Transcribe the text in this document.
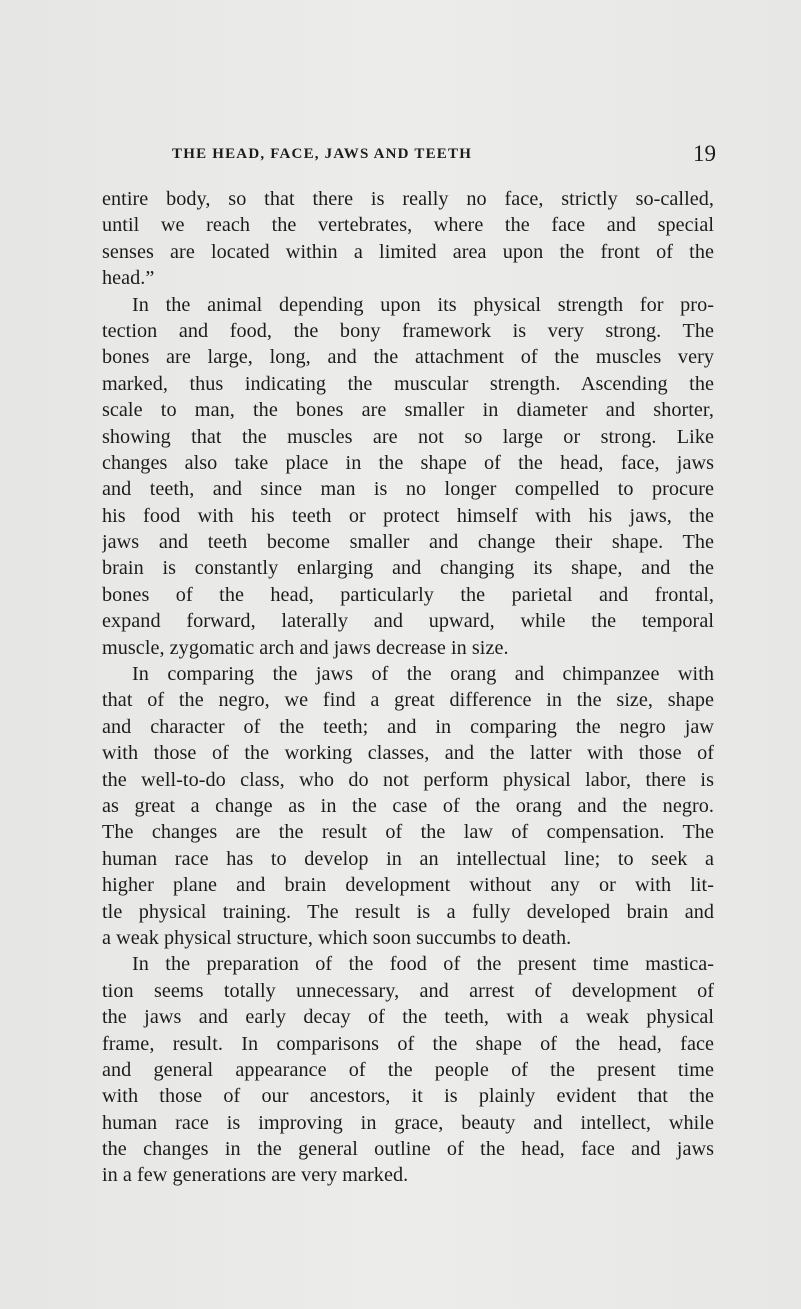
THE HEAD, FACE, JAWS AND TEETH	19
entire body, so that there is really no face, strictly so-called,
until we reach the vertebrates, where the face and special
senses are located within a limited area upon the front of the
head.”
In the animal depending upon its physical strength for pro-
tection and food, the bony framework is very strong. The
bones are large, long, and the attachment of the muscles very
marked, thus indicating the muscular strength. Ascending the
scale to man, the bones are smaller in diameter and shorter,
showing that the muscles are not so large or strong. Like
changes also take place in the shape of the head, face, jaws
and teeth, and since man is no longer compelled to procure
his food with his teeth or protect himself with his jaws, the
jaws and teeth become smaller and change their shape. The
brain is constantly enlarging and changing its shape, and the
bones of the head, particularly the parietal and frontal,
expand forward, laterally and upward, while the temporal
muscle, zygomatic arch and jaws decrease in size.
In comparing the jaws of the orang and chimpanzee with
that of the negro, we find a great difference in the size, shape
and character of the teeth; and in comparing the negro jaw
with those of the working classes, and the latter with those of
the well-to-do class, who do not perform physical labor, there is
as great a change as in the case of the orang and the negro.
The changes are the result of the law of compensation. The
human race has to develop in an intellectual line; to seek a
higher plane and brain development without any or with lit-
tle physical training. The result is a fully developed brain and
a weak physical structure, which soon succumbs to death.
In the preparation of the food of the present time mastica-
tion seems totally unnecessary, and arrest of development of
the jaws and early decay of the teeth, with a weak physical
frame, result. In comparisons of the shape of the head, face
and general appearance of the people of the present time
with those of our ancestors, it is plainly evident that the
human race is improving in grace, beauty and intellect, while
the changes in the general outline of the head, face and jaws
in a few generations are very marked.
